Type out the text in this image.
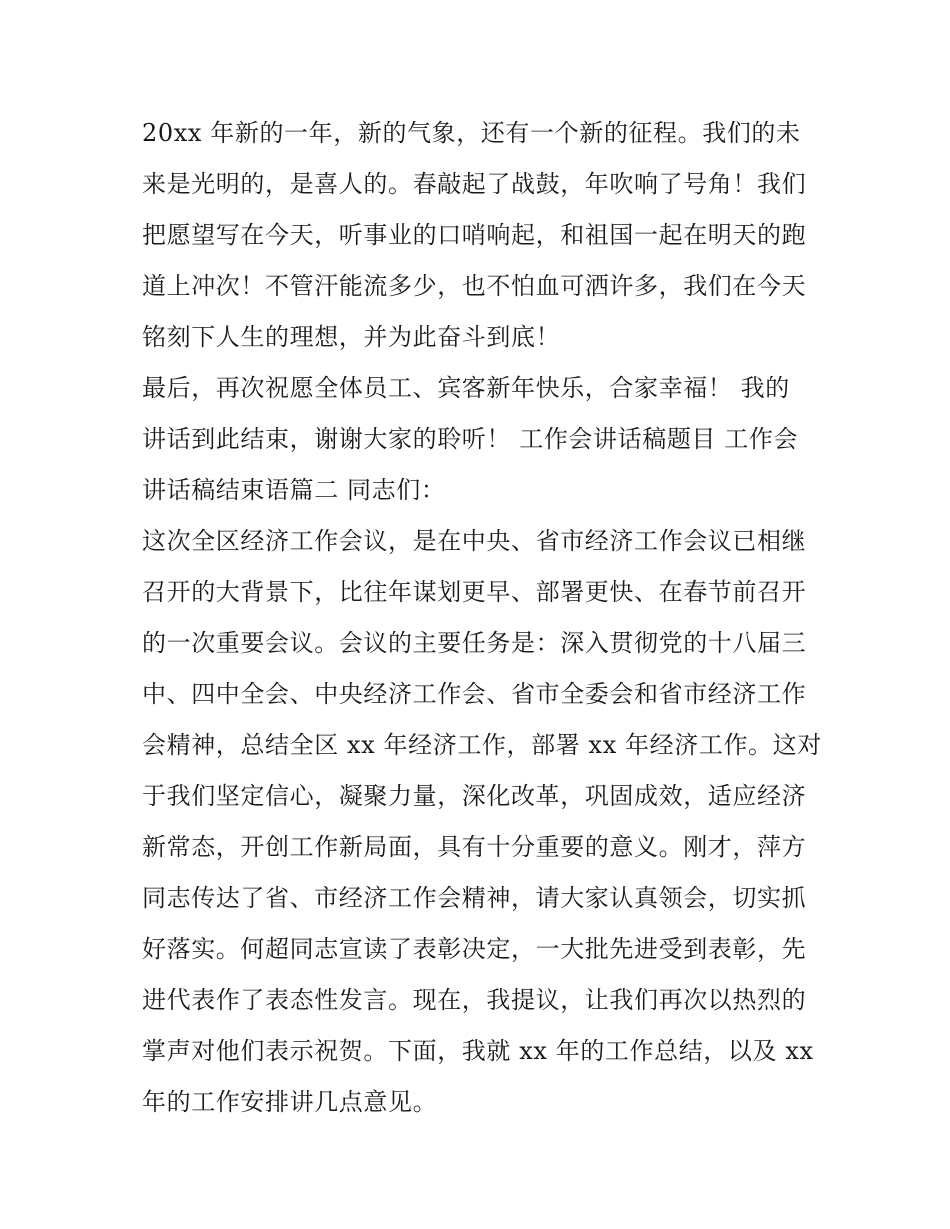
20xx 年新的一年，新的气象，还有一个新的征程。我们的未
来是光明的，是喜人的。春敲起了战鼓，年吹响了号角！我们
把愿望写在今天，听事业的口哨响起，和祖国一起在明天的跑
道上冲次！不管汗能流多少，也不怕血可洒许多，我们在今天
铭刻下人生的理想，并为此奋斗到底！
最后，再次祝愿全体员工、宾客新年快乐，合家幸福！ 我的
讲话到此结束，谢谢大家的聆听！ 工作会讲话稿题目 工作会
讲话稿结束语篇二 同志们：
这次全区经济工作会议，是在中央、省市经济工作会议已相继
召开的大背景下，比往年谋划更早、部署更快、在春节前召开
的一次重要会议。会议的主要任务是：深入贯彻党的十八届三
中、四中全会、中央经济工作会、省市全委会和省市经济工作
会精神，总结全区 xx 年经济工作，部署 xx 年经济工作。这对
于我们坚定信心，凝聚力量，深化改革，巩固成效，适应经济
新常态，开创工作新局面，具有十分重要的意义。刚才，萍方
同志传达了省、市经济工作会精神，请大家认真领会，切实抓
好落实。何超同志宣读了表彰决定，一大批先进受到表彰，先
进代表作了表态性发言。现在，我提议，让我们再次以热烈的
掌声对他们表示祝贺。下面，我就 xx 年的工作总结，以及 xx
年的工作安排讲几点意见。
